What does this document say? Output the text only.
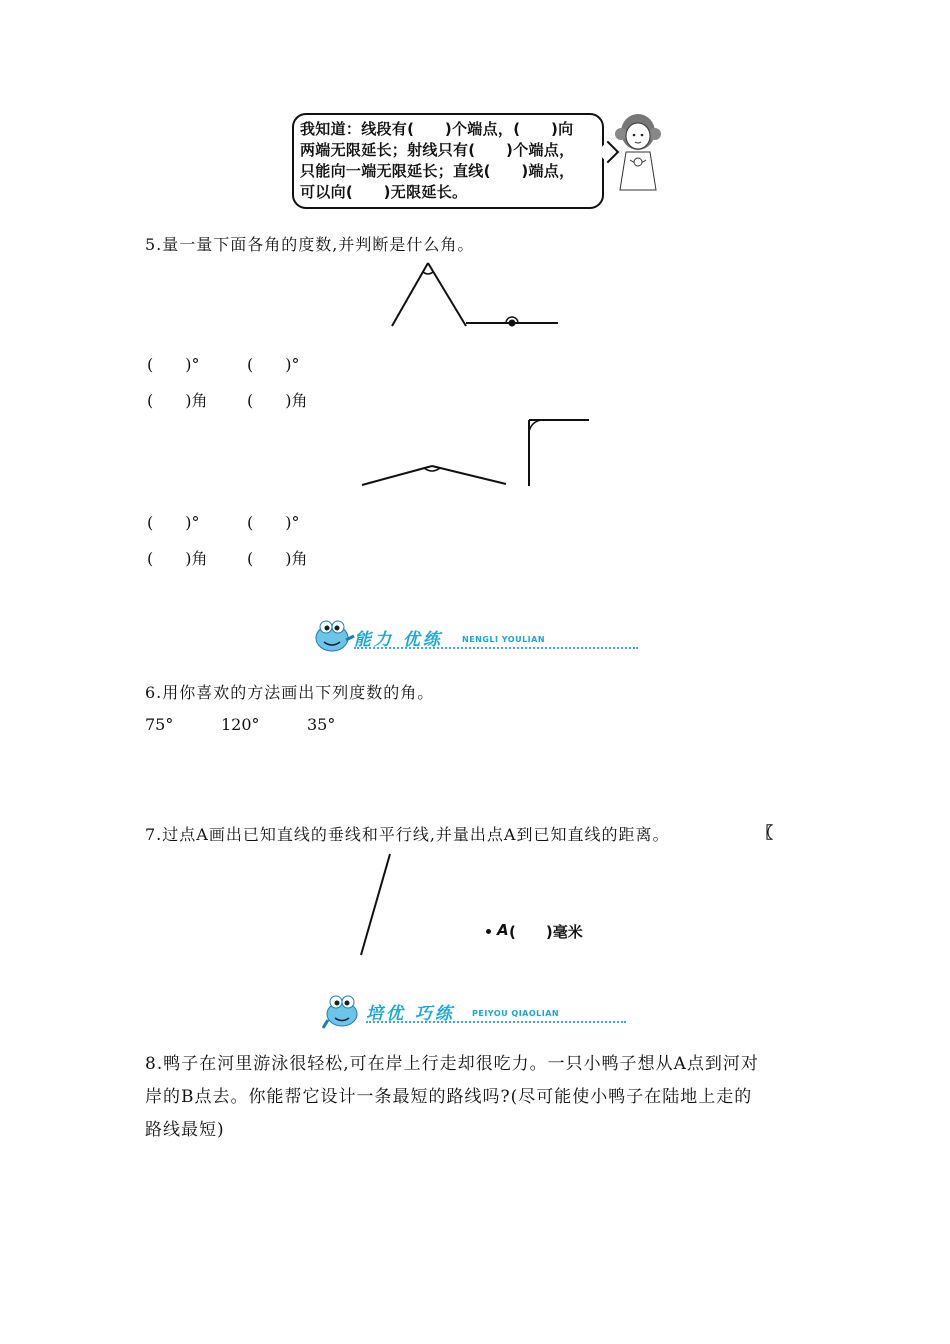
我知道：线段有(　　)个端点，(　　)向
两端无限延长；射线只有(　　)个端点，
只能向一端无限延长；直线(　　)端点，
可以向(　　)无限延长。
5.量一量下面各角的度数,并判断是什么角。
(　　)°	(　　)°
(　　)角 (　　)角
(　　)°	(　　)°
(　　)角 (　　)角
能力 优练 NENGLI YOULIAN
6.用你喜欢的方法画出下列度数的角。
75°	120°	35°
7.过点A画出已知直线的垂线和平行线,并量出点A到已知直线的距离。	〖
A (　　)毫米
培优 巧练 PEIYOU QIAOLIAN
8.鸭子在河里游泳很轻松,可在岸上行走却很吃力。一只小鸭子想从A点到河对
岸的B点去。你能帮它设计一条最短的路线吗?(尽可能使小鸭子在陆地上走的
路线最短)
